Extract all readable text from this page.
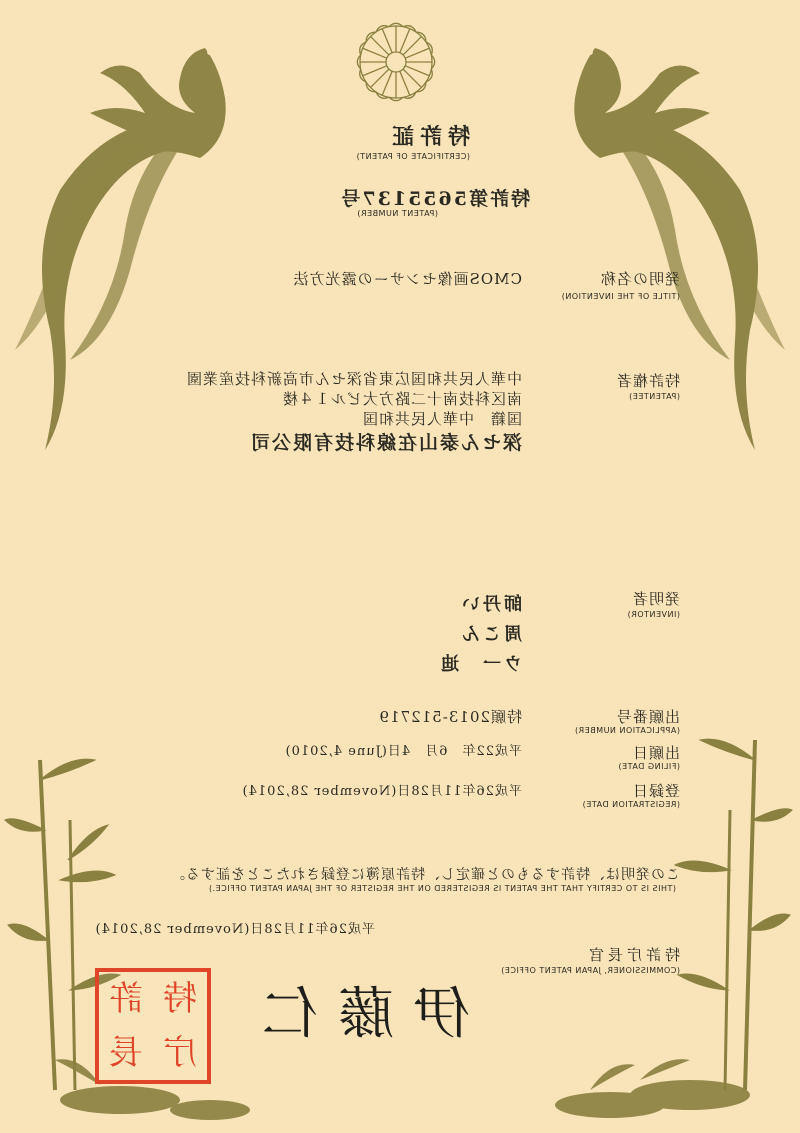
特許証
(CERTIFICATE OF PATENT)
特許第5655137号
(PATENT NUMBER)
発明の名称
(TITLE OF THE INVENTION)
CMOS画像センサーの露光方法
特許権者
(PATENTEE)
中華人民共和国広東省深セん市高新科技産業園
南区科技南十二路方大ビル１４楼
国籍　中華人民共和国
深セん泰山在線科技有限公司
発明者
(INVENTOR)
師丹い
周こん
ウ一　迪
出願番号
(APPLICATION NUMBER)
特願2013-512719
出願日
(FILING DATE)
平成22年　6月　4日(June 4,2010)
登録日
(REGISTRATION DATE)
平成26年11月28日(November 28,2014)
この発明は、特許するものと確定し、特許原簿に登録されたことを証する。
(THIS IS TO CERTIFY THAT THE PATENT IS REGISTERED ON THE REGISTER OF THE JAPAN PATENT OFFICE.)
平成26年11月28日(November 28,2014)
特許庁長官
(COMMISSIONER, JAPAN PATENT OFFICE)
伊藤仁
特
許
庁
長
